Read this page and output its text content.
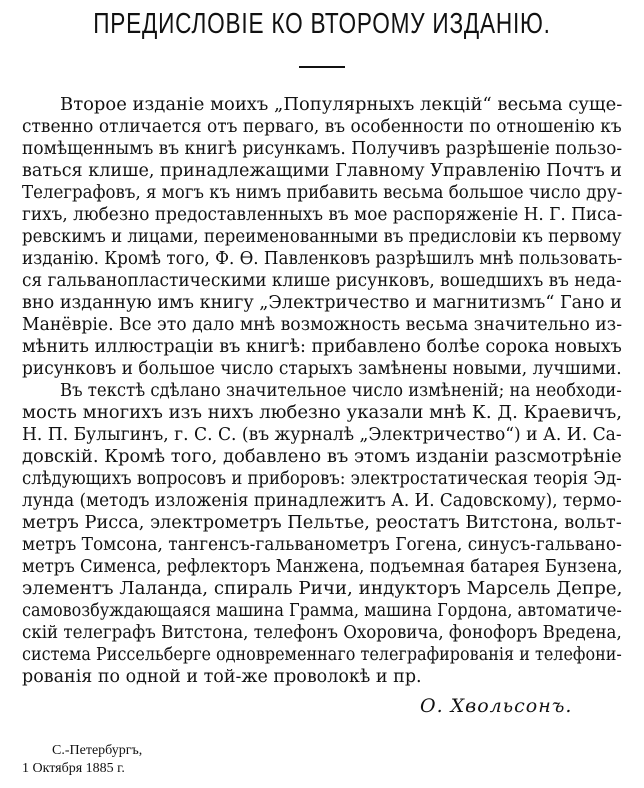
ПРЕДИСЛОВІЕ КО ВТОРОМУ ИЗДАНІЮ.
Второе изданіе моихъ „Популярныхъ лекцій“ весьма суще-
ственно отличается отъ перваго, въ особенности по отношенію къ
помѣщеннымъ въ книгѣ рисункамъ. Получивъ разрѣшеніе пользо-
ваться клише, принадлежащими Главному Управленію Почтъ и
Телеграфовъ, я могъ къ нимъ прибавить весьма большое число дру-
гихъ, любезно предоставленныхъ въ мое распоряженіе Н. Г. Писа-
ревскимъ и лицами, переименованными въ предисловіи къ первому
изданію. Кромѣ того, Ф. Ѳ. Павленковъ разрѣшилъ мнѣ пользовать-
ся гальванопластическими клише рисунковъ, вошедшихъ въ неда-
вно изданную имъ книгу „Электричество и магнитизмъ“ Гано и
Манёвріе. Все это дало мнѣ возможность весьма значительно из-
мѣнить иллюстраціи въ книгѣ: прибавлено болѣе сорока новыхъ
рисунковъ и большое число старыхъ замѣнены новыми, лучшими.
Въ текстѣ сдѣлано значительное число измѣненій; на необходи-
мость многихъ изъ нихъ любезно указали мнѣ К. Д. Краевичъ,
Н. П. Булыгинъ, г. С. С. (въ журналѣ „Электричество“) и А. И. Са-
довскій. Кромѣ того, добавлено въ этомъ изданіи разсмотрѣніе
слѣдующихъ вопросовъ и приборовъ: электростатическая теорія Эд-
лунда (методъ изложенія принадлежитъ А. И. Садовскому), термо-
метръ Рисса, электрометръ Пельтье, реостатъ Витстона, вольт-
метръ Томсона, тангенсъ-гальванометръ Гогена, синусъ-гальвано-
метръ Сименса, рефлекторъ Манжена, подъемная батарея Бунзена,
элементъ Лаланда, спираль Ричи, индукторъ Марсель Депре,
самовозбуждающаяся машина Грамма, машина Гордона, автоматиче-
скій телеграфъ Витстона, телефонъ Охоровича, фонофоръ Вредена,
система Риссельберге одновременнаго телеграфированія и телефони-
рованія по одной и той-же проволокѣ и пр.
О. Хвольсонъ.
С.-Петербургъ,
1 Октября 1885 г.
